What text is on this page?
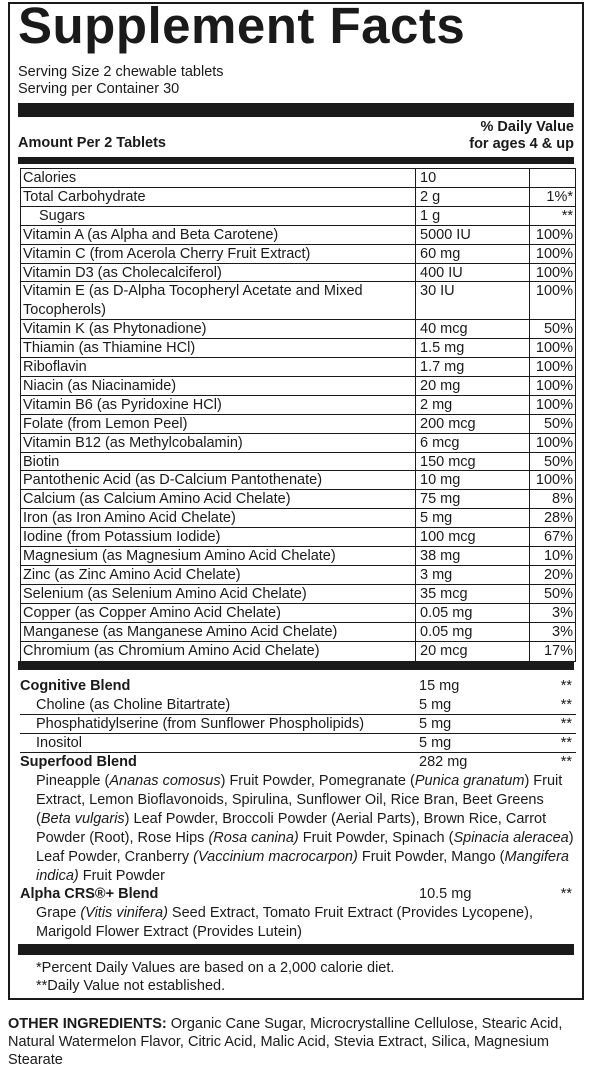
Supplement Facts
Serving Size 2 chewable tablets
Serving per Container 30
Amount Per 2 Tablets
% Daily Value
for ages 4 & up
Calories	10
Total Carbohydrate	2 g	1%*
Sugars	1 g	**
Vitamin A (as Alpha and Beta Carotene)	5000 IU	100%
Vitamin C (from Acerola Cherry Fruit Extract)	60 mg	100%
Vitamin D3 (as Cholecalciferol)	400 IU	100%
Vitamin E (as D-Alpha Tocopheryl Acetate and Mixed Tocopherols)
30 IU	100%
Vitamin K (as Phytonadione)	40 mcg	50%
Thiamin (as Thiamine HCl)	1.5 mg	100%
Riboflavin	1.7 mg	100%
Niacin (as Niacinamide)	20 mg	100%
Vitamin B6 (as Pyridoxine HCl)	2 mg	100%
Folate (from Lemon Peel)	200 mcg	50%
Vitamin B12 (as Methylcobalamin)	6 mcg	100%
Biotin	150 mcg	50%
Pantothenic Acid (as D-Calcium Pantothenate)	10 mg	100%
Calcium (as Calcium Amino Acid Chelate)	75 mg	8%
Iron (as Iron Amino Acid Chelate)	5 mg	28%
Iodine (from Potassium Iodide)	100 mcg	67%
Magnesium (as Magnesium Amino Acid Chelate)	38 mg	10%
Zinc (as Zinc Amino Acid Chelate)	3 mg	20%
Selenium (as Selenium Amino Acid Chelate)	35 mcg	50%
Copper (as Copper Amino Acid Chelate)	0.05 mg	3%
Manganese (as Manganese Amino Acid Chelate)	0.05 mg	3%
Chromium (as Chromium Amino Acid Chelate)	20 mcg	17%
Cognitive Blend	15 mg	**
Choline (as Choline Bitartrate)	5 mg	**
Phosphatidylserine (from Sunflower Phospholipids)	5 mg	**
Inositol	5 mg	**
Superfood Blend	282 mg	**
Pineapple (Ananas comosus) Fruit Powder, Pomegranate (Punica granatum) Fruit Extract, Lemon Bioflavonoids, Spirulina, Sunflower Oil, Rice Bran, Beet Greens (Beta vulgaris) Leaf Powder, Broccoli Powder (Aerial Parts), Brown Rice, Carrot Powder (Root), Rose Hips (Rosa canina) Fruit Powder, Spinach (Spinacia aleracea) Leaf Powder, Cranberry (Vaccinium macrocarpon) Fruit Powder, Mango (Mangifera indica) Fruit Powder
Alpha CRS®+ Blend	10.5 mg	**
Grape (Vitis vinifera) Seed Extract, Tomato Fruit Extract (Provides Lycopene), Marigold Flower Extract (Provides Lutein)
*Percent Daily Values are based on a 2,000 calorie diet.
**Daily Value not established.
OTHER INGREDIENTS: Organic Cane Sugar, Microcrystalline Cellulose, Stearic Acid, Natural Watermelon Flavor, Citric Acid, Malic Acid, Stevia Extract, Silica, Magnesium Stearate
